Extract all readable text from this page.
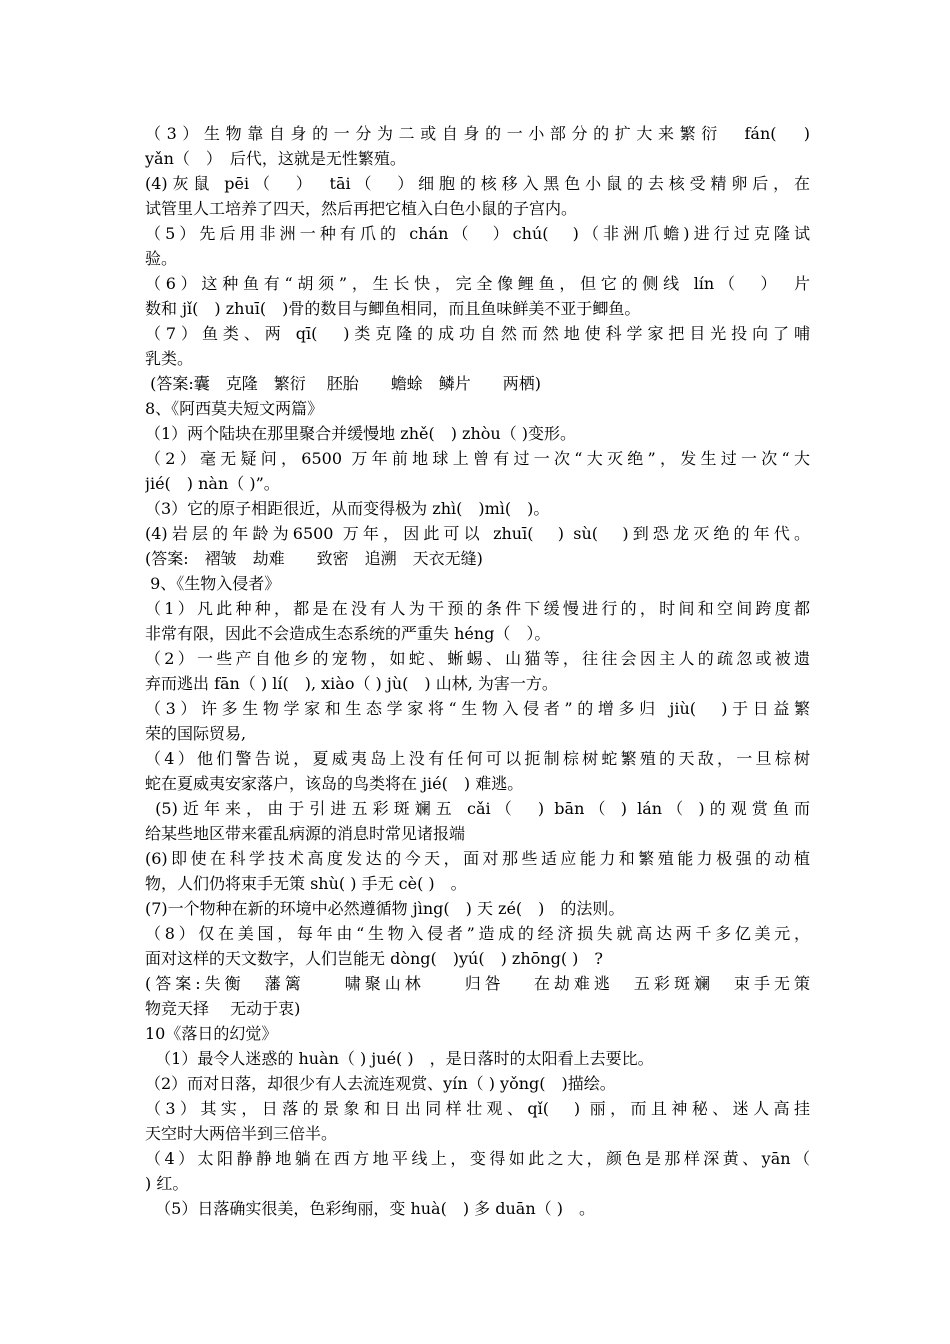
（3）生物靠自身的一分为二或自身的一小部分的扩大来繁衍　fán(　)
yǎn（　）　后代，这就是无性繁殖。
(4)灰鼠 pēi（　）　tāi（　）细胞的核移入黑色小鼠的去核受精卵后，在
试管里人工培养了四天，然后再把它植入白色小鼠的子宫内。
（5）先后用非洲一种有爪的 chán（　）chú(　)（非洲爪蟾)进行过克隆试
验。
（6）这种鱼有“胡须”，生长快，完全像鲤鱼，但它的侧线 lín（　）　片
数和 jǐ(　) zhuī(　)骨的数目与鲫鱼相同，而且鱼味鲜美不亚于鲫鱼。
（7）鱼类、两 qī(　)类克隆的成功自然而然地使科学家把目光投向了哺
乳类。
(答案:囊　克隆　繁衍　 胚胎　　蟾蜍　鳞片　　两栖)
8、《阿西莫夫短文两篇》
（1）两个陆块在那里聚合并缓慢地 zhě(　) zhòu（ )变形。
（2）毫无疑问，6500 万年前地球上曾有过一次“大灭绝”，发生过一次“大
jié(　) nàn（ )”。
（3）它的原子相距很近，从而变得极为 zhì(　)mì(　)。
(4)岩层的年龄为6500 万年，因此可以 zhuī(　) sù(　)到恐龙灭绝的年代。
(答案:　褶皱　劫难　　致密　追溯　天衣无缝)
9、《生物入侵者》
（1）凡此种种，都是在没有人为干预的条件下缓慢进行的，时间和空间跨度都
非常有限，因此不会造成生态系统的严重失 héng（　）。
（2）一些产自他乡的宠物，如蛇、蜥蜴、山猫等，往往会因主人的疏忽或被遗
弃而逃出 fān（ ) lí(　), xiào（ ) jù(　) 山林, 为害一方。
（3）许多生物学家和生态学家将“生物入侵者”的增多归 jiù(　)于日益繁
荣的国际贸易,
（4）他们警告说，夏威夷岛上没有任何可以扼制棕树蛇繁殖的天敌，一旦棕树
蛇在夏威夷安家落户，该岛的鸟类将在 jié(　) 难逃。
(5)近年来，由于引进五彩斑斓五 cǎi（　) bān（ ) lán（ )的观赏鱼而
给某些地区带来霍乱病源的消息时常见诸报端
(6)即使在科学技术高度发达的今天，面对那些适应能力和繁殖能力极强的动植
物，人们仍将束手无策 shù( ) 手无 cè( )　。
(7)一个物种在新的环境中必然遵循物 jìng(　) 天 zé(　)　的法则。
（8）仅在美国，每年由“生物入侵者”造成的经济损失就高达两千多亿美元，
面对这样的天文数字，人们岂能无 dòng(　)yú(　) zhōng( )　?
(答案:失衡　藩篱　　啸聚山林　　归咎　 在劫难逃　五彩斑斓　束手无策
物竞天择　 无动于衷)
10《落日的幻觉》
（1）最令人迷惑的 huàn（ ) jué( )　，是日落时的太阳看上去要比。
（2）而对日落，却很少有人去流连观赏、yín（ ) yǒng(　)描绘。
（3）其实，日落的景象和日出同样壮观、qǐ(　) 丽，而且神秘、迷人高挂
天空时大两倍半到三倍半。
（4）太阳静静地躺在西方地平线上，变得如此之大，颜色是那样深黄、yān（
) 红。
（5）日落确实很美，色彩绚丽，变 huà(　) 多 duān（ )　。
